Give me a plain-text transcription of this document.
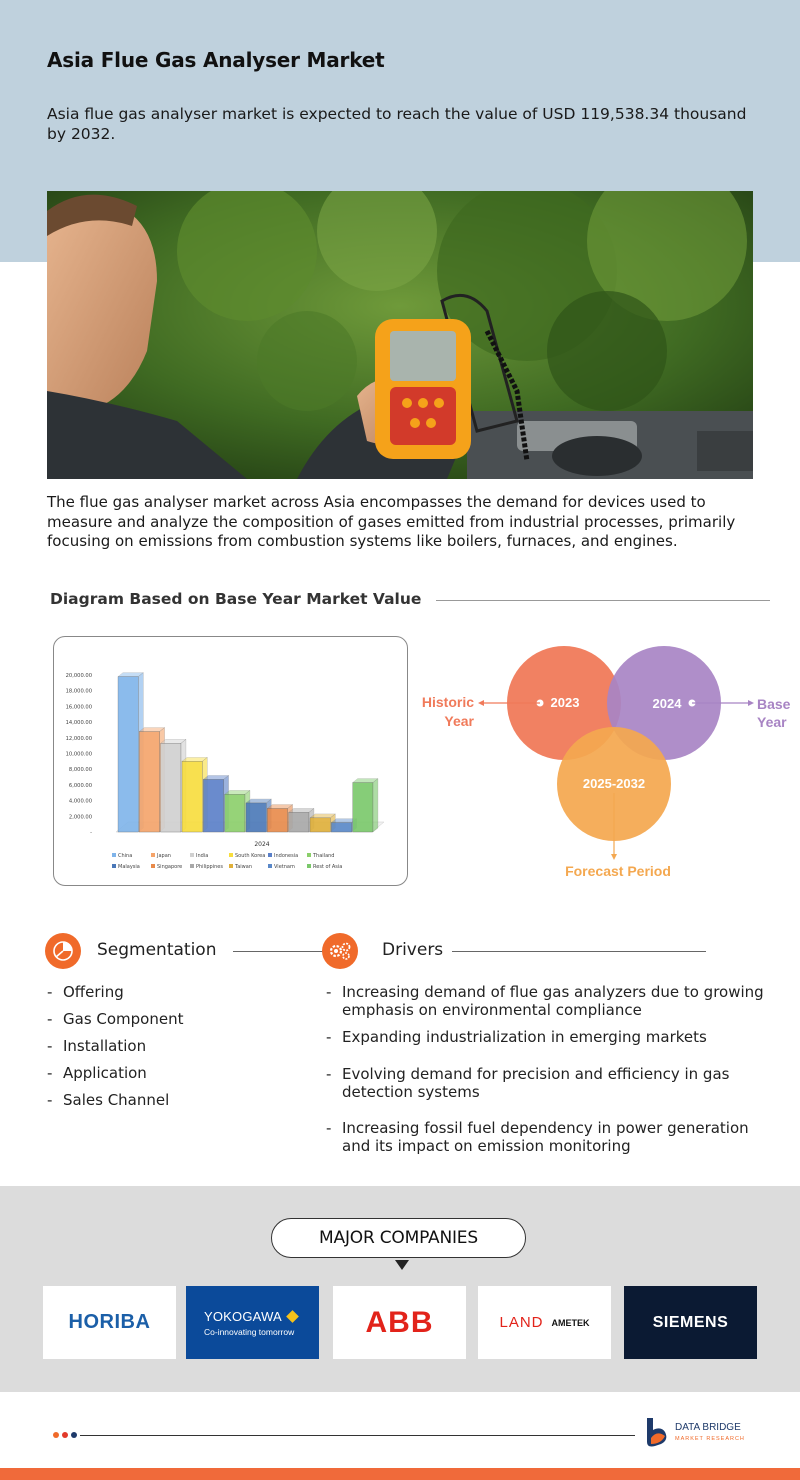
Asia Flue Gas Analyser Market

Asia flue gas analyser market is expected to reach the value of USD 119,538.34 thousand by 2032.

The flue gas analyser market across Asia encompasses the demand for devices used to measure and analyze the composition of gases emitted from industrial processes, primarily focusing on emissions from combustion systems like boilers, furnaces, and engines.

Diagram Based on Base Year Market Value
-
2,000.00
4,000.00
6,000.00
8,000.00
10,000.00
12,000.00
14,000.00
16,000.00
18,000.00
20,000.00
2024
China	Japan	India	South Korea Indonesia	Thailand
Malaysia	Singapore	Philippines Taiwan	Vietnam	Rest of Asia
2023	2024
2025-2032
Historic
Year
Base
Year
Forecast Period
Segmentation	Drivers
- Offering
- Gas Component
- Installation
- Application
- Sales Channel
- Increasing demand of flue gas analyzers due to growing emphasis on environmental compliance
- Expanding industrialization in emerging markets
- Evolving demand for precision and efficiency in gas detection systems
- Increasing fossil fuel dependency in power generation and its impact on emission monitoring
MAJOR COMPANIES
HORIBA	YOKOGAWA
Co-innovating tomorrow ABB	LAND AMETEK	SIEMENS
DATA BRIDGE
MARKET RESEARCH
